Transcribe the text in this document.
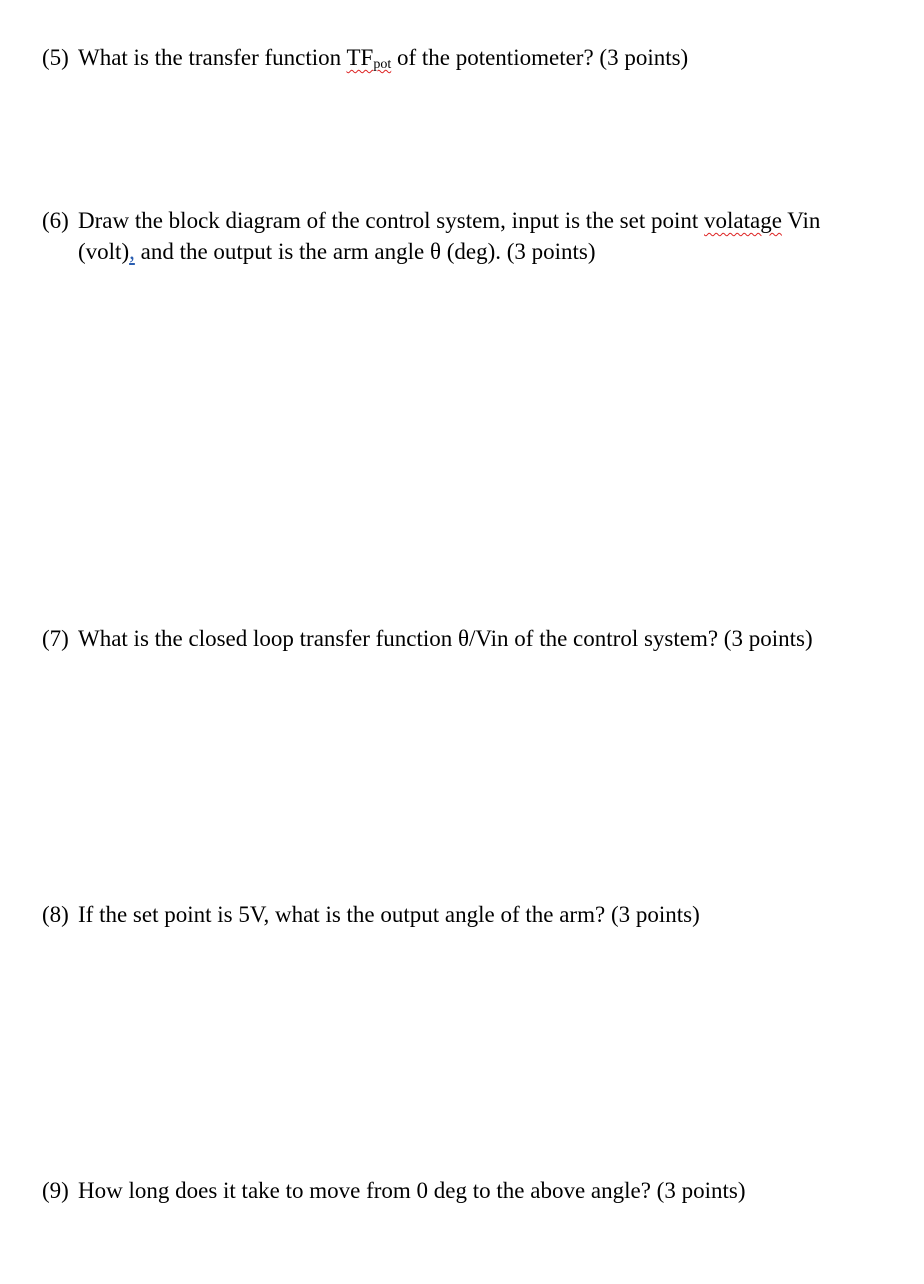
(5) What is the transfer function $TF_{pot}$ of the potentiometer? (3 points)

(6) Draw the block diagram of the control system, input is the set point volatage Vin
(volt), and the output is the arm angle θ (deg). (3 points)

(7) What is the closed loop transfer function θ/Vin of the control system? (3 points)

(8) If the set point is 5V, what is the output angle of the arm? (3 points)

(9) How long does it take to move from 0 deg to the above angle? (3 points)
